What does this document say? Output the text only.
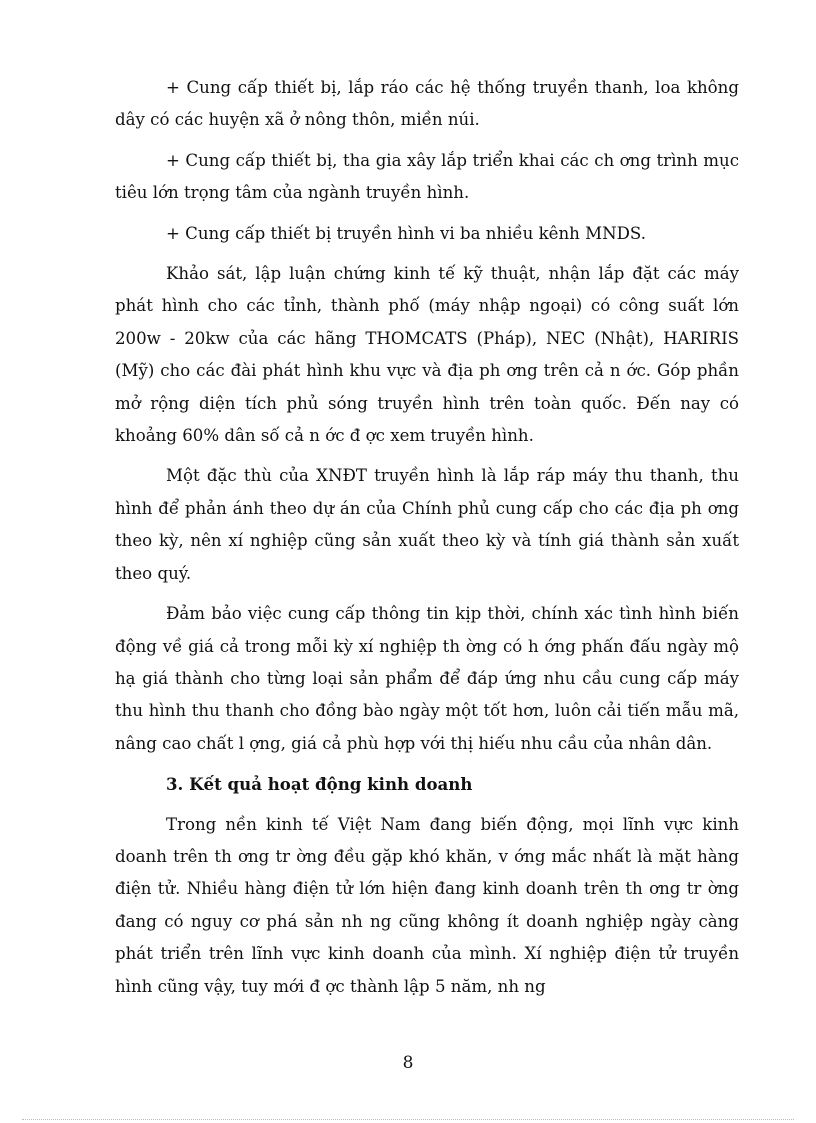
+ Cung cấp thiết bị, lắp ráo các hệ thống truyền thanh, loa không dây có các huyện xã ở nông thôn, miền núi.

+ Cung cấp thiết bị, tha gia xây lắp triển khai các ch ơng trình mục tiêu lớn trọng tâm của ngành truyền hình.

+ Cung cấp thiết bị truyền hình vi ba nhiều kênh MNDS.

Khảo sát, lập luận chứng kinh tế kỹ thuật, nhận lắp đặt các máy phát hình cho các tỉnh, thành phố (máy nhập ngoại) có công suất lớn 200w - 20kw của các hãng THOMCATS (Pháp), NEC (Nhật), HARIRIS (Mỹ) cho các đài phát hình khu vực và địa ph ơng trên cả n ớc. Góp phần mở rộng diện tích phủ sóng truyền hình trên toàn quốc. Đến nay có khoảng 60% dân số cả n ớc đ ợc xem truyền hình.

Một đặc thù của XNĐT truyền hình là lắp ráp máy thu thanh, thu hình để phản ánh theo dự án của Chính phủ cung cấp cho các địa ph ơng theo kỳ, nên xí nghiệp cũng sản xuất theo kỳ và tính giá thành sản xuất theo quý.

Đảm bảo việc cung cấp thông tin kịp thời, chính xác tình hình biến động về giá cả trong mỗi kỳ xí nghiệp th ờng có h ớng phấn đấu ngày mộ hạ giá thành cho từng loại sản phẩm để đáp ứng nhu cầu cung cấp máy thu hình thu thanh cho đồng bào ngày một tốt hơn, luôn cải tiến mẫu mã, nâng cao chất l ợng, giá cả phù hợp với thị hiếu nhu cầu của nhân dân.

3. Kết quả hoạt động kinh doanh

Trong nền kinh tế Việt Nam đang biến động, mọi lĩnh vực kinh doanh trên th ơng tr ờng đều gặp khó khăn, v ớng mắc nhất là mặt hàng điện tử. Nhiều hàng điện tử lớn hiện đang kinh doanh trên th ơng tr ờng đang có nguy cơ phá sản nh ng cũng không ít doanh nghiệp ngày càng phát triển trên lĩnh vực kinh doanh của mình. Xí nghiệp điện tử truyền hình cũng vậy, tuy mới đ ợc thành lập 5 năm, nh ng

8
